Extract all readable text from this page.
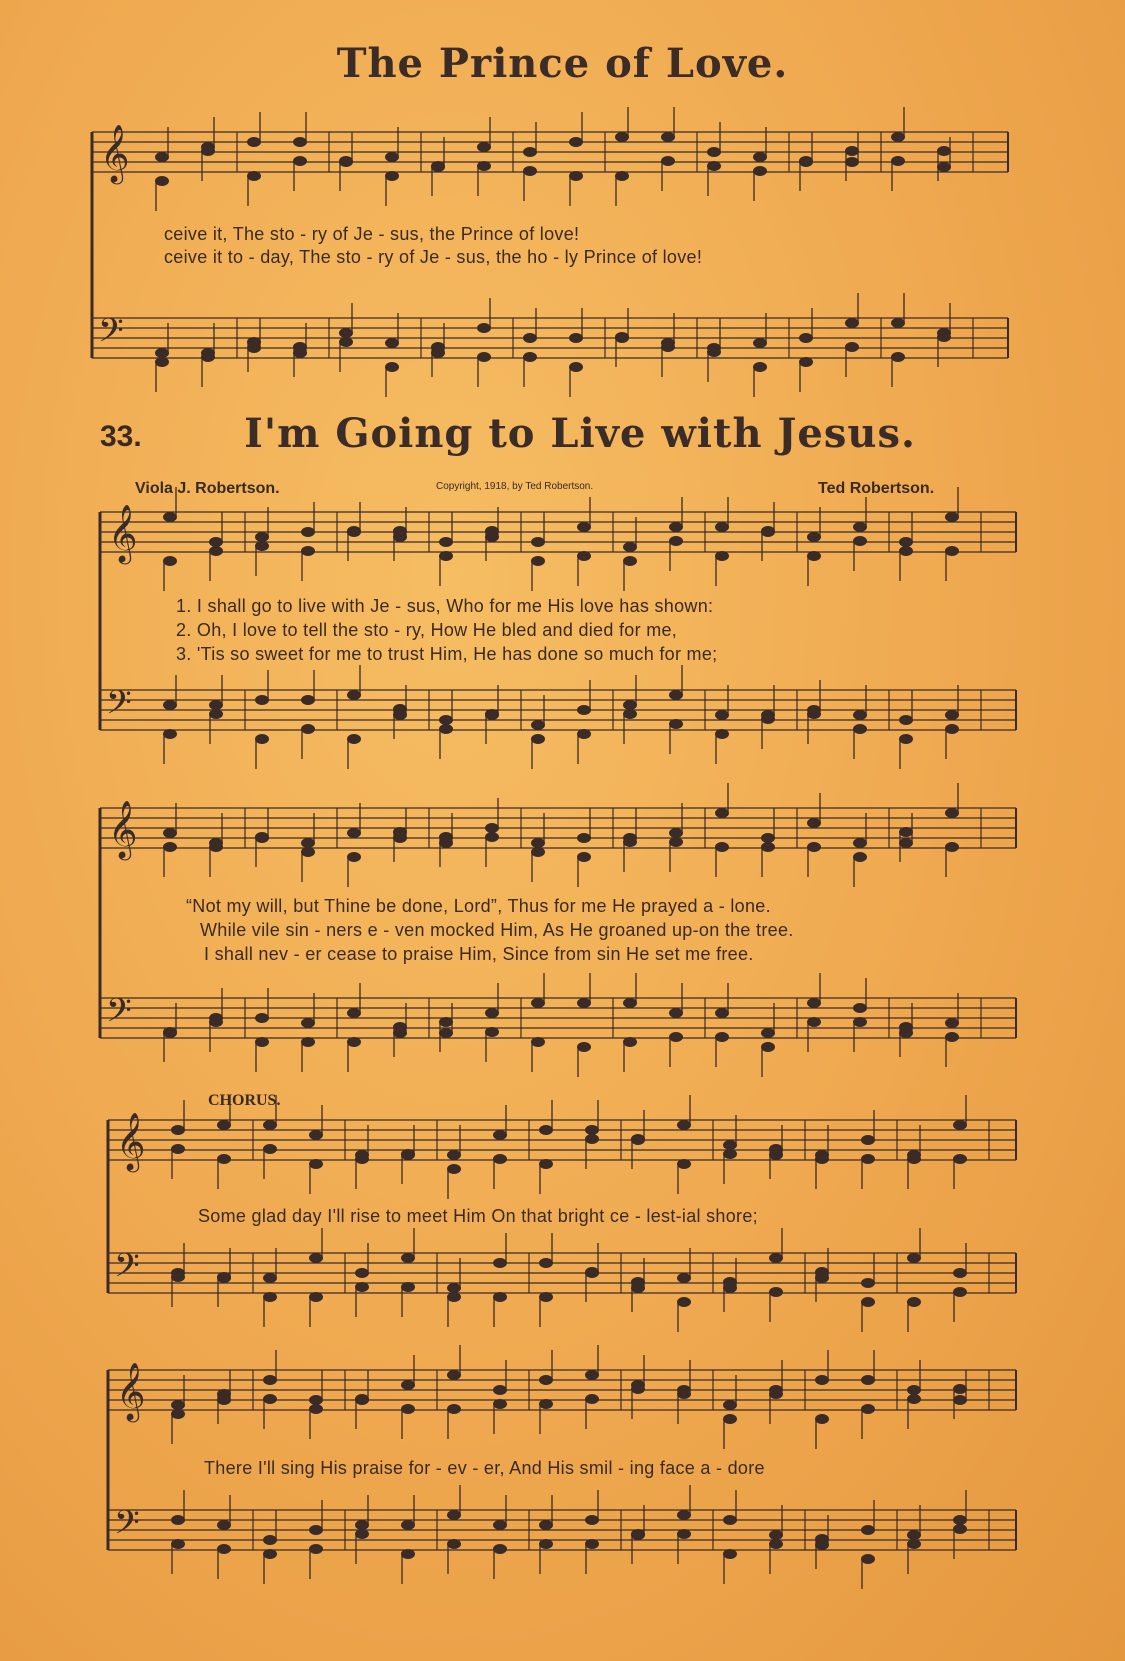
The Prince of Love.
ceive it, The sto - ry of Je - sus, the Prince of love!
ceive it to - day, The sto - ry of Je - sus, the ho - ly Prince of love!
33.	I'm Going to Live with Jesus.
Viola J. Robertson.	Copyright, 1918, by Ted Robertson.	Ted Robertson.
1. I shall go to live with Je - sus, Who for me His love has shown:
2. Oh, I love to tell the sto - ry, How He bled and died for me,
3. 'Tis so sweet for me to trust Him, He has done so much for me;
“Not my will, but Thine be done, Lord”, Thus for me He prayed a - lone.
While vile sin - ners e - ven mocked Him, As He groaned up-on the tree.
I shall nev - er cease to praise Him, Since from sin He set me free.
CHORUS.
Some glad day I'll rise to meet Him On that bright ce - lest-ial shore;
There I'll sing His praise for - ev - er, And His smil - ing face a - dore
𝄞
𝄢
𝄞
𝄢
𝄞
𝄢
𝄞
𝄢
𝄞
𝄢
